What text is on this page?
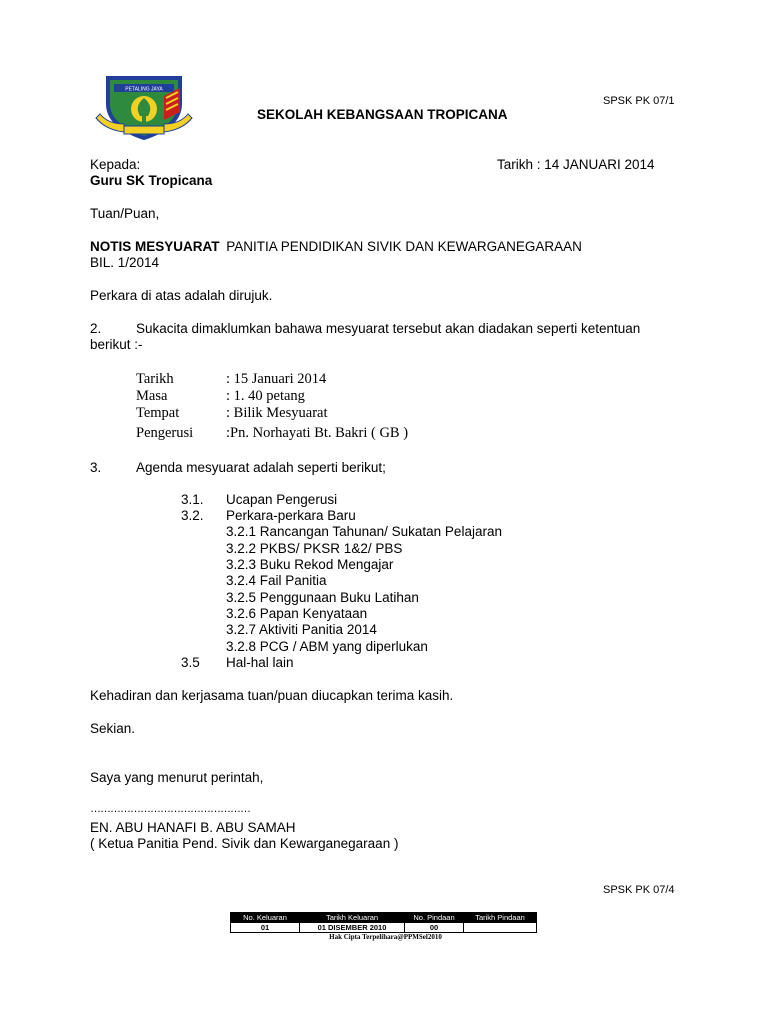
PETALING JAYA
SPSK PK 07/1
SEKOLAH KEBANGSAAN TROPICANA
Kepada:	Tarikh : 14 JANUARI 2014
Guru SK Tropicana
Tuan/Puan,
NOTIS MESYUARAT PANITIA PENDIDIKAN SIVIK DAN KEWARGANEGARAAN
BIL. 1/2014
Perkara di atas adalah dirujuk.
2.	Sukacita dimaklumkan bahawa mesyuarat tersebut akan diadakan seperti ketentuan
berikut :-
Tarikh	: 15 Januari 2014
Masa	: 1. 40 petang
Tempat	: Bilik Mesyuarat
Pengerusi :Pn. Norhayati Bt. Bakri ( GB )
3.	Agenda mesyuarat adalah seperti berikut;
3.1. Ucapan Pengerusi
3.2. Perkara-perkara Baru
3.2.1 Rancangan Tahunan/ Sukatan Pelajaran
3.2.2 PKBS/ PKSR 1&2/ PBS
3.2.3 Buku Rekod Mengajar
3.2.4 Fail Panitia
3.2.5 Penggunaan Buku Latihan
3.2.6 Papan Kenyataan
3.2.7 Aktiviti Panitia 2014
3.2.8 PCG / ABM yang diperlukan
3.5 Hal-hal lain
Kehadiran dan kerjasama tuan/puan diucapkan terima kasih.
Sekian.
Saya yang menurut perintah,
…………………………………………
EN. ABU HANAFI B. ABU SAMAH
( Ketua Panitia Pend. Sivik dan Kewarganegaraan )
SPSK PK 07/4
No. Keluaran	Tarikh Keluaran	No. Pindaan	Tarikh Pindaan
01	01 DISEMBER 2010	00	
Hak Cipta Terpelihara@PPMSel2010
